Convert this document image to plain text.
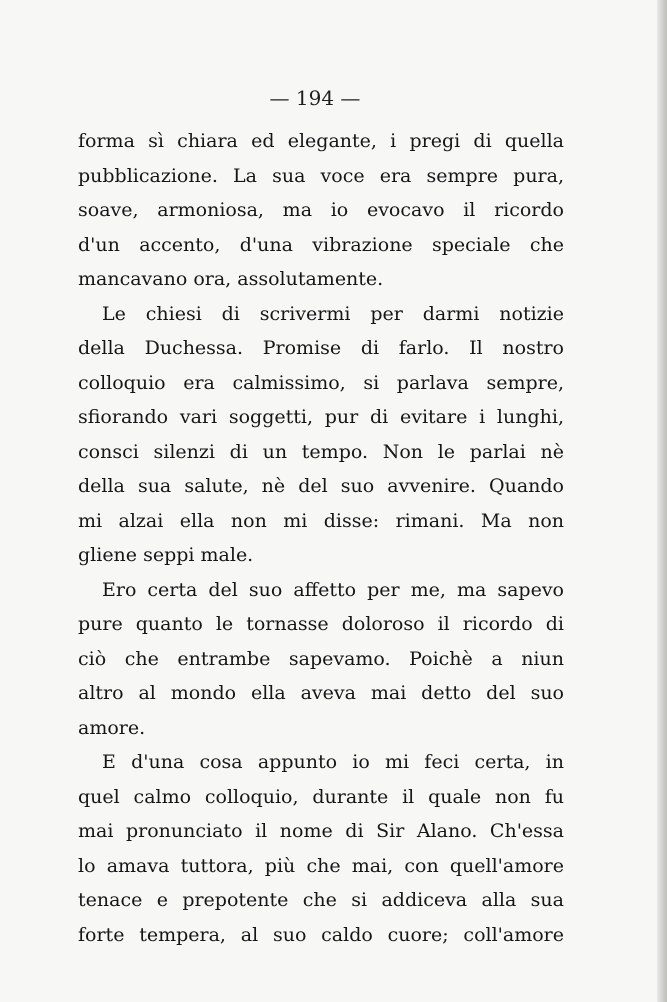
— 194 —
forma sì chiara ed elegante, i pregi di quella
pubblicazione. La sua voce era sempre pura,
soave, armoniosa, ma io evocavo il ricordo
d'un accento, d'una vibrazione speciale che
mancavano ora, assolutamente.
Le chiesi di scrivermi per darmi notizie
della Duchessa. Promise di farlo. Il nostro
colloquio era calmissimo, si parlava sempre,
sfiorando vari soggetti, pur di evitare i lunghi,
consci silenzi di un tempo. Non le parlai nè
della sua salute, nè del suo avvenire. Quando
mi alzai ella non mi disse: rimani. Ma non
gliene seppi male.
Ero certa del suo affetto per me, ma sapevo
pure quanto le tornasse doloroso il ricordo di
ciò che entrambe sapevamo. Poichè a niun
altro al mondo ella aveva mai detto del suo
amore.
E d'una cosa appunto io mi feci certa, in
quel calmo colloquio, durante il quale non fu
mai pronunciato il nome di Sir Alano. Ch'essa
lo amava tuttora, più che mai, con quell'amore
tenace e prepotente che si addiceva alla sua
forte tempera, al suo caldo cuore; coll'amore
